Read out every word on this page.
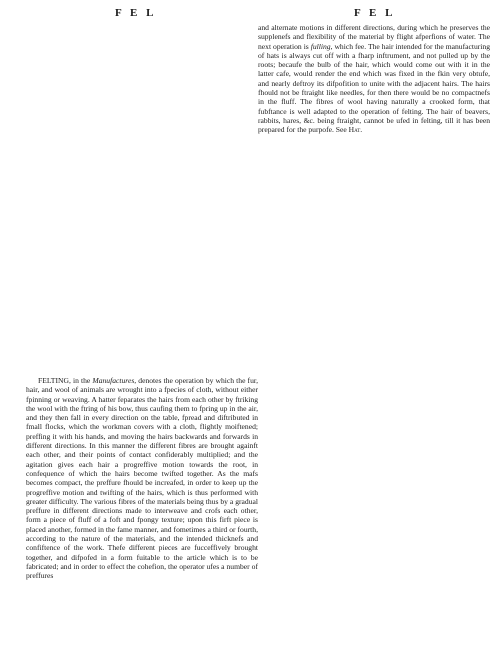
F E L	F E L

and alternate motions in different directions, during which he preserves the supplenefs and flexibility of the material by flight afperfions of water. The next operation is fulling, which fee. The hair intended for the manufacturing of hats is always cut off with a fharp inftrument, and not pulled up by the roots; becaufe the bulb of the hair, which would come out with it in the latter cafe, would render the end which was fixed in the fkin very obtufe, and nearly deftroy its difpofition to unite with the adjacent hairs. The hairs fhould not be ftraight like needles, for then there would be no compactnefs in the fluff. The fibres of wool having naturally a crooked form, that fubftance is well adapted to the operation of felting. The hair of beavers, rabbits, hares, &c. being ftraight, cannot be ufed in felting, till it has been prepared for the purpofe. See Hat.

FELTING, in the Manufactures, denotes the operation by which the fur, hair, and wool of animals are wrought into a fpecies of cloth, without either fpinning or weaving. A hatter feparates the hairs from each other by ftriking the wool with the ftring of his bow, thus caufing them to fpring up in the air, and they then fall in every direction on the table, fpread and diftributed in fmall flocks, which the workman covers with a cloth, flightly moiftened; preffing it with his hands, and moving the hairs backwards and forwards in different directions. In this manner the different fibres are brought againft each other, and their points of contact confiderably multiplied; and the agitation gives each hair a progreffive motion towards the root, in confequence of which the hairs become twifted together. As the mafs becomes compact, the preffure fhould be increafed, in order to keep up the progreffive motion and twifting of the hairs, which is thus performed with greater difficulty. The various fibres of the materials being thus by a gradual preffure in different directions made to interweave and crofs each other, form a piece of fluff of a foft and fpongy texture; upon this firft piece is placed another, formed in the fame manner, and fometimes a third or fourth, according to the nature of the materials, and the intended thicknefs and confiftence of the work. Thefe different pieces are fucceffively brought together, and difpofed in a form fuitable to the article which is to be fabricated; and in order to effect the cohefion, the operator ufes a number of preffures
